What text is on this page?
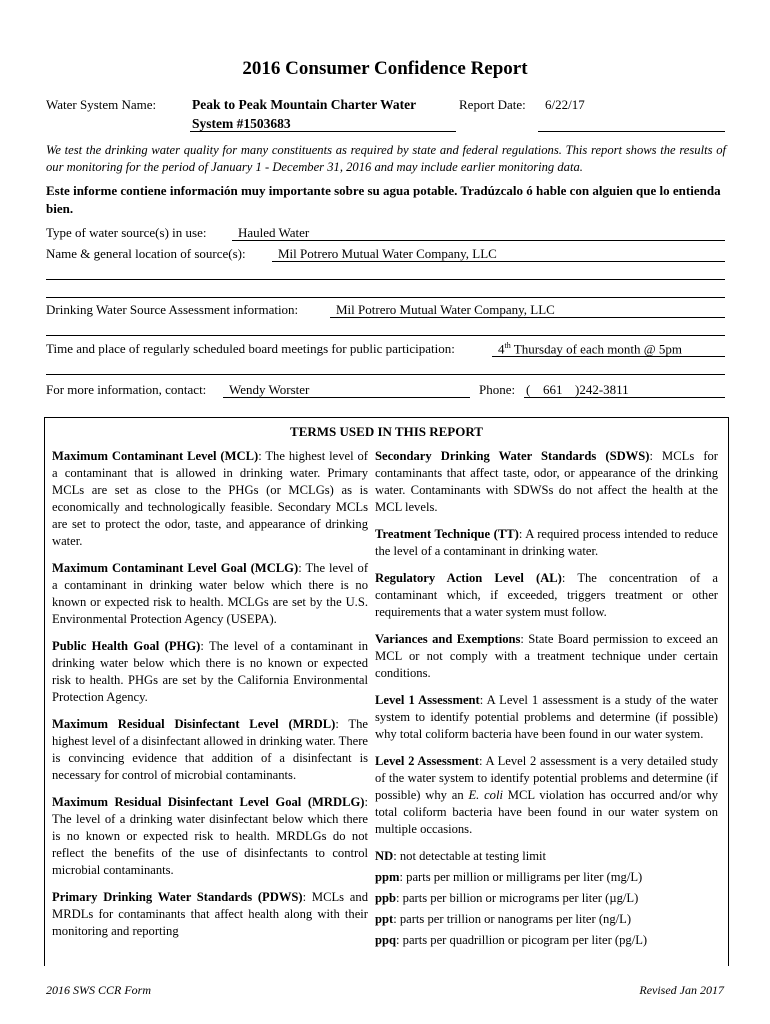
2016 Consumer Confidence Report
Water System Name:	Peak to Peak Mountain Charter Water
System #1503683
Report Date: 6/22/17
We test the drinking water quality for many constituents as required by state and federal regulations. This report shows the results of our monitoring for the period of January 1 - December 31, 2016 and may include earlier monitoring data.
Este informe contiene información muy importante sobre su agua potable. Tradúzcalo ó hable con alguien que lo entienda bien.
Type of water source(s) in use: Hauled Water
Name & general location of source(s): Mil Potrero Mutual Water Company, LLC
Drinking Water Source Assessment information:	Mil Potrero Mutual Water Company, LLC
Time and place of regularly scheduled board meetings for public participation:	4th Thursday of each month @ 5pm
For more information, contact: Wendy Worster	Phone: ( 661 )242-3811
TERMS USED IN THIS REPORT

Maximum Contaminant Level (MCL): The highest level of a contaminant that is allowed in drinking water. Primary MCLs are set as close to the PHGs (or MCLGs) as is economically and technologically feasible. Secondary MCLs are set to protect the odor, taste, and appearance of drinking water.

Maximum Contaminant Level Goal (MCLG): The level of a contaminant in drinking water below which there is no known or expected risk to health. MCLGs are set by the U.S. Environmental Protection Agency (USEPA).

Public Health Goal (PHG): The level of a contaminant in drinking water below which there is no known or expected risk to health. PHGs are set by the California Environmental Protection Agency.

Maximum Residual Disinfectant Level (MRDL): The highest level of a disinfectant allowed in drinking water. There is convincing evidence that addition of a disinfectant is necessary for control of microbial contaminants.

Maximum Residual Disinfectant Level Goal (MRDLG): The level of a drinking water disinfectant below which there is no known or expected risk to health. MRDLGs do not reflect the benefits of the use of disinfectants to control microbial contaminants.

Primary Drinking Water Standards (PDWS): MCLs and MRDLs for contaminants that affect health along with their monitoring and reporting

Secondary Drinking Water Standards (SDWS): MCLs for contaminants that affect taste, odor, or appearance of the drinking water. Contaminants with SDWSs do not affect the health at the MCL levels.

Treatment Technique (TT): A required process intended to reduce the level of a contaminant in drinking water.

Regulatory Action Level (AL): The concentration of a contaminant which, if exceeded, triggers treatment or other requirements that a water system must follow.

Variances and Exemptions: State Board permission to exceed an MCL or not comply with a treatment technique under certain conditions.

Level 1 Assessment: A Level 1 assessment is a study of the water system to identify potential problems and determine (if possible) why total coliform bacteria have been found in our water system.

Level 2 Assessment: A Level 2 assessment is a very detailed study of the water system to identify potential problems and determine (if possible) why an E. coli MCL violation has occurred and/or why total coliform bacteria have been found in our water system on multiple occasions.

ND: not detectable at testing limit

ppm: parts per million or milligrams per liter (mg/L)

ppb: parts per billion or micrograms per liter (µg/L)

ppt: parts per trillion or nanograms per liter (ng/L)

ppq: parts per quadrillion or picogram per liter (pg/L)

2016 SWS CCR Form	Revised Jan 2017
